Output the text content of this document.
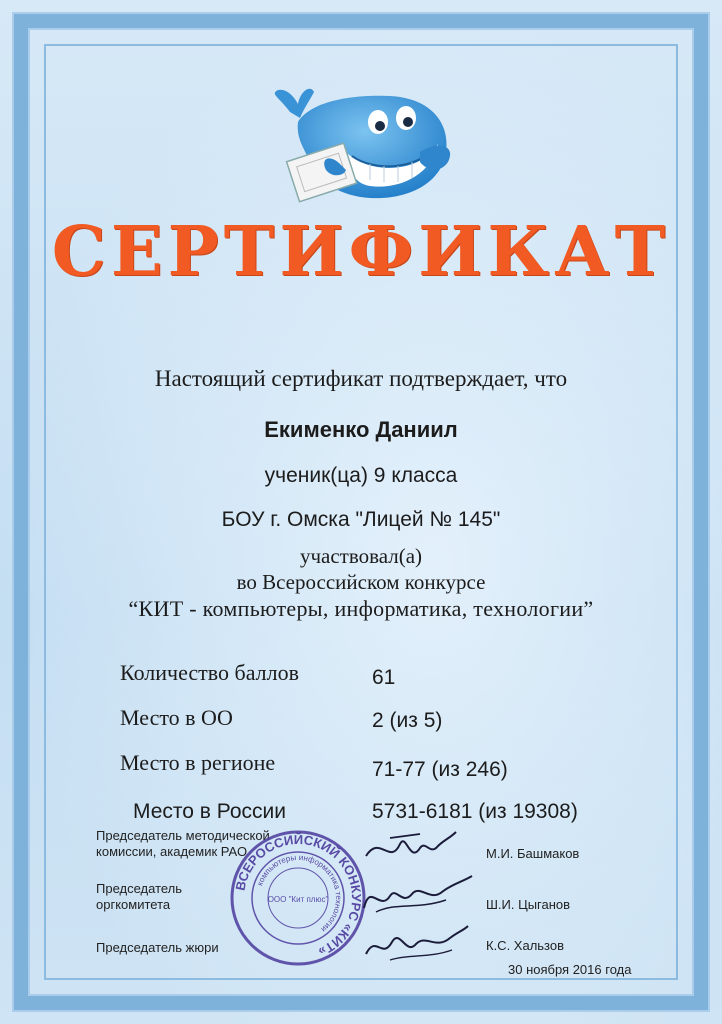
СЕРТИФИКАТ
Настоящий сертификат подтверждает, что
Екименко Даниил
ученик(ца) 9 класса
БОУ г. Омска "Лицей № 145"
участвовал(а)
во Всероссийском конкурсе
“КИТ - компьютеры, информатика, технологии”
Количество баллов	61
Место в ОО	2 (из 5)
Место в регионе	71-77 (из 246)
Место в России	5731-6181 (из 19308)
Председатель методической
комиссии, академик РАО	М.И. Башмаков
Председатель
оргкомитета	Ш.И. Цыганов
Председатель жюри	К.С. Хальзов
30 ноября 2016 года
ВСЕРОССИЙСКИЙ КОНКУРС «КИТ»
компьютеры информатика технологии
ООО "Кит плюс"
